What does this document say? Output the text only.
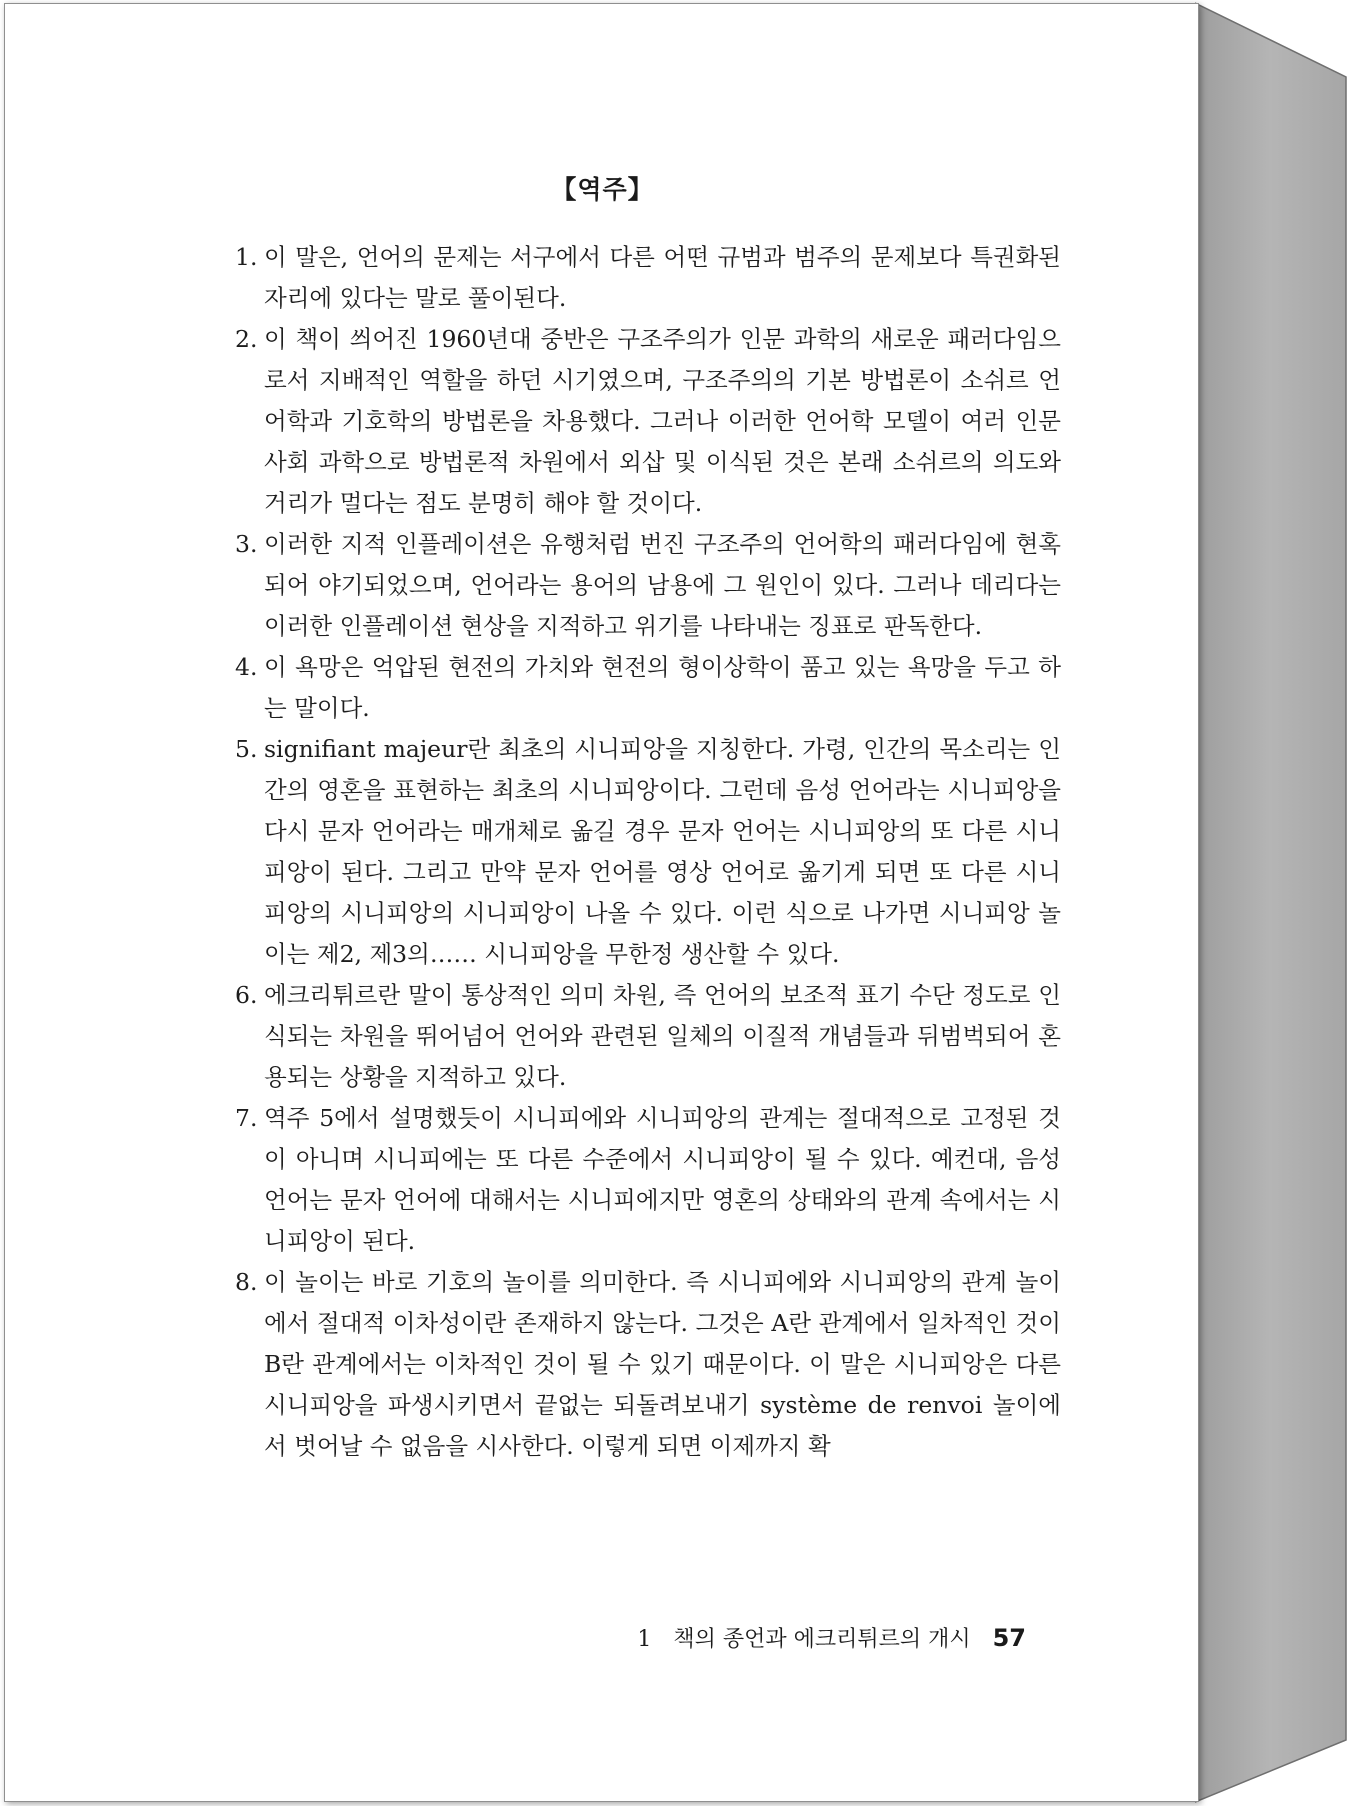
【역주】
1. 이 말은, 언어의 문제는 서구에서 다른 어떤 규범과 범주의 문제보다 특권화된 자리에 있다는 말로 풀이된다.
2. 이 책이 씌어진 1960년대 중반은 구조주의가 인문 과학의 새로운 패러다임으로서 지배적인 역할을 하던 시기였으며, 구조주의의 기본 방법론이 소쉬르 언어학과 기호학의 방법론을 차용했다. 그러나 이러한 언어학 모델이 여러 인문 사회 과학으로 방법론적 차원에서 외삽 및 이식된 것은 본래 소쉬르의 의도와 거리가 멀다는 점도 분명히 해야 할 것이다.
3. 이러한 지적 인플레이션은 유행처럼 번진 구조주의 언어학의 패러다임에 현혹되어 야기되었으며, 언어라는 용어의 남용에 그 원인이 있다. 그러나 데리다는 이러한 인플레이션 현상을 지적하고 위기를 나타내는 징표로 판독한다.
4. 이 욕망은 억압된 현전의 가치와 현전의 형이상학이 품고 있는 욕망을 두고 하는 말이다.
5. signifiant majeur란 최초의 시니피앙을 지칭한다. 가령, 인간의 목소리는 인간의 영혼을 표현하는 최초의 시니피앙이다. 그런데 음성 언어라는 시니피앙을 다시 문자 언어라는 매개체로 옮길 경우 문자 언어는 시니피앙의 또 다른 시니피앙이 된다. 그리고 만약 문자 언어를 영상 언어로 옮기게 되면 또 다른 시니피앙의 시니피앙의 시니피앙이 나올 수 있다. 이런 식으로 나가면 시니피앙 놀이는 제2, 제3의…… 시니피앙을 무한정 생산할 수 있다.
6. 에크리튀르란 말이 통상적인 의미 차원, 즉 언어의 보조적 표기 수단 정도로 인식되는 차원을 뛰어넘어 언어와 관련된 일체의 이질적 개념들과 뒤범벅되어 혼용되는 상황을 지적하고 있다.
7. 역주 5에서 설명했듯이 시니피에와 시니피앙의 관계는 절대적으로 고정된 것이 아니며 시니피에는 또 다른 수준에서 시니피앙이 될 수 있다. 예컨대, 음성 언어는 문자 언어에 대해서는 시니피에지만 영혼의 상태와의 관계 속에서는 시니피앙이 된다.
8. 이 놀이는 바로 기호의 놀이를 의미한다. 즉 시니피에와 시니피앙의 관계 놀이에서 절대적 이차성이란 존재하지 않는다. 그것은 A란 관계에서 일차적인 것이 B란 관계에서는 이차적인 것이 될 수 있기 때문이다. 이 말은 시니피앙은 다른 시니피앙을 파생시키면서 끝없는 되돌려보내기 système de renvoi 놀이에서 벗어날 수 없음을 시사한다. 이렇게 되면 이제까지 확
1 책의 종언과 에크리튀르의 개시 57
